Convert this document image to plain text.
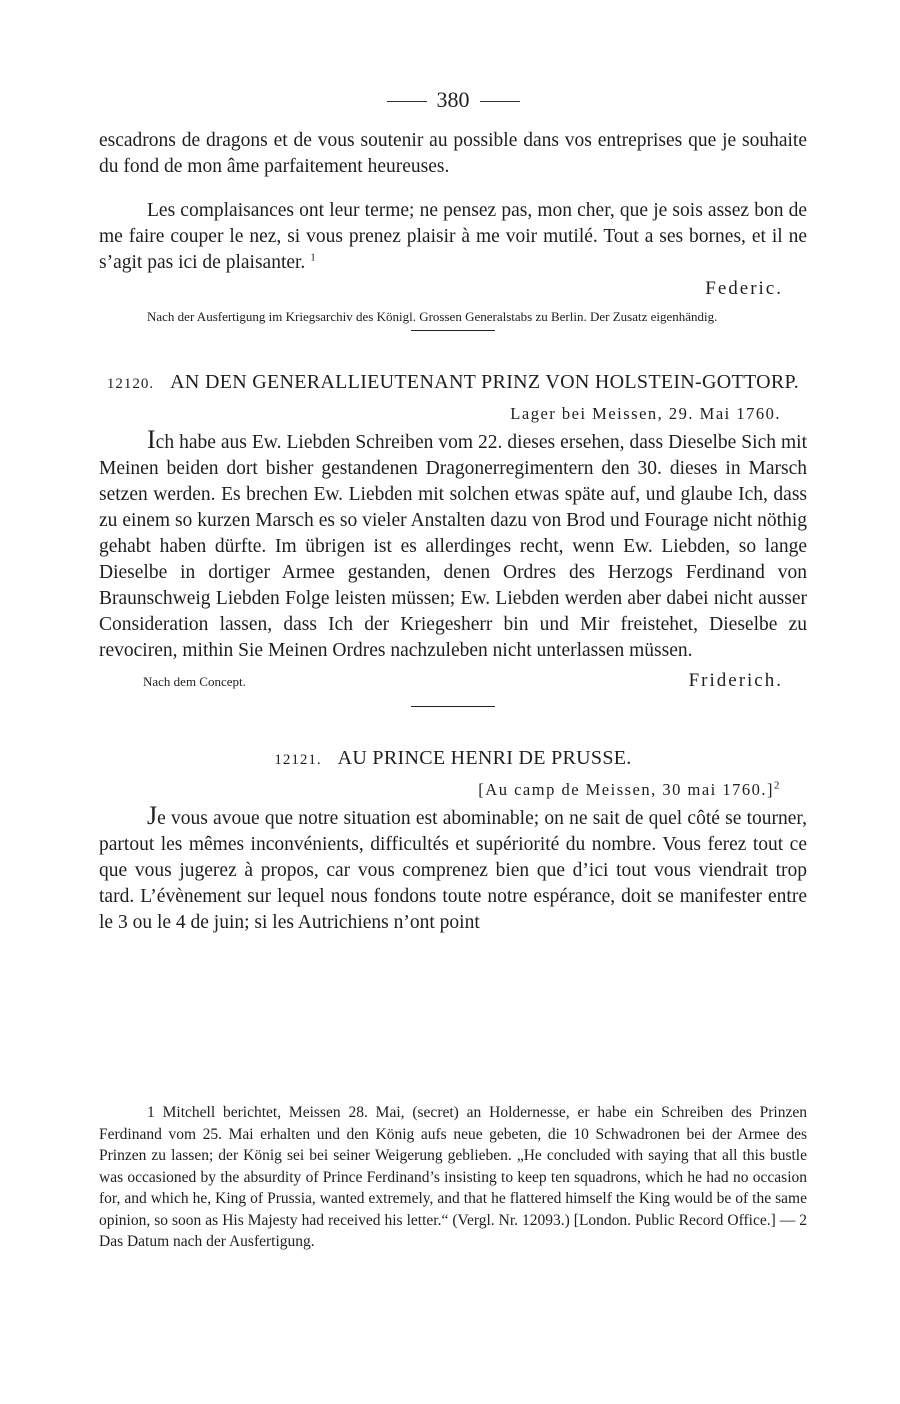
380

escadrons de dragons et de vous soutenir au possible dans vos entreprises que je souhaite du fond de mon âme parfaitement heureuses.

Les complaisances ont leur terme; ne pensez pas, mon cher, que je sois assez bon de me faire couper le nez, si vous prenez plaisir à me voir mutilé. Tout a ses bornes, et il ne s’agit pas ici de plaisanter. $^1$

Federic.

Nach der Ausfertigung im Kriegsarchiv des Königl. Grossen Generalstabs zu Berlin. Der Zusatz eigenhändig.

12120. AN DEN GENERALLIEUTENANT PRINZ VON HOLSTEIN-GOTTORP.

Lager bei Meissen, 29. Mai 1760.

Ich habe aus Ew. Liebden Schreiben vom 22. dieses ersehen, dass Dieselbe Sich mit Meinen beiden dort bisher gestandenen Dragonerregimentern den 30. dieses in Marsch setzen werden. Es brechen Ew. Liebden mit solchen etwas späte auf, und glaube Ich, dass zu einem so kurzen Marsch es so vieler Anstalten dazu von Brod und Fourage nicht nöthig gehabt haben dürfte. Im übrigen ist es allerdinges recht, wenn Ew. Liebden, so lange Dieselbe in dortiger Armee gestanden, denen Ordres des Herzogs Ferdinand von Braunschweig Liebden Folge leisten müssen; Ew. Liebden werden aber dabei nicht ausser Consideration lassen, dass Ich der Kriegesherr bin und Mir freistehet, Dieselbe zu revociren, mithin Sie Meinen Ordres nachzuleben nicht unterlassen müssen.

Nach dem Concept.	Friderich.
12121. AU PRINCE HENRI DE PRUSSE.

[Au camp de Meissen, 30 mai 1760.]$^2$

Je vous avoue que notre situation est abominable; on ne sait de quel côté se tourner, partout les mêmes inconvénients, difficultés et supériorité du nombre. Vous ferez tout ce que vous jugerez à propos, car vous comprenez bien que d’ici tout vous viendrait trop tard. L’évènement sur lequel nous fondons toute notre espérance, doit se manifester entre le 3 ou le 4 de juin; si les Autrichiens n’ont point

1 Mitchell berichtet, Meissen 28. Mai, (secret) an Holdernesse, er habe ein Schreiben des Prinzen Ferdinand vom 25. Mai erhalten und den König aufs neue gebeten, die 10 Schwadronen bei der Armee des Prinzen zu lassen; der König sei bei seiner Weigerung geblieben. „He concluded with saying that all this bustle was occasioned by the absurdity of Prince Ferdinand’s insisting to keep ten squadrons, which he had no occasion for, and which he, King of Prussia, wanted extremely, and that he flattered himself the King would be of the same opinion, so soon as His Majesty had received his letter.“ (Vergl. Nr. 12093.) [London. Public Record Office.] — 2 Das Datum nach der Ausfertigung.
